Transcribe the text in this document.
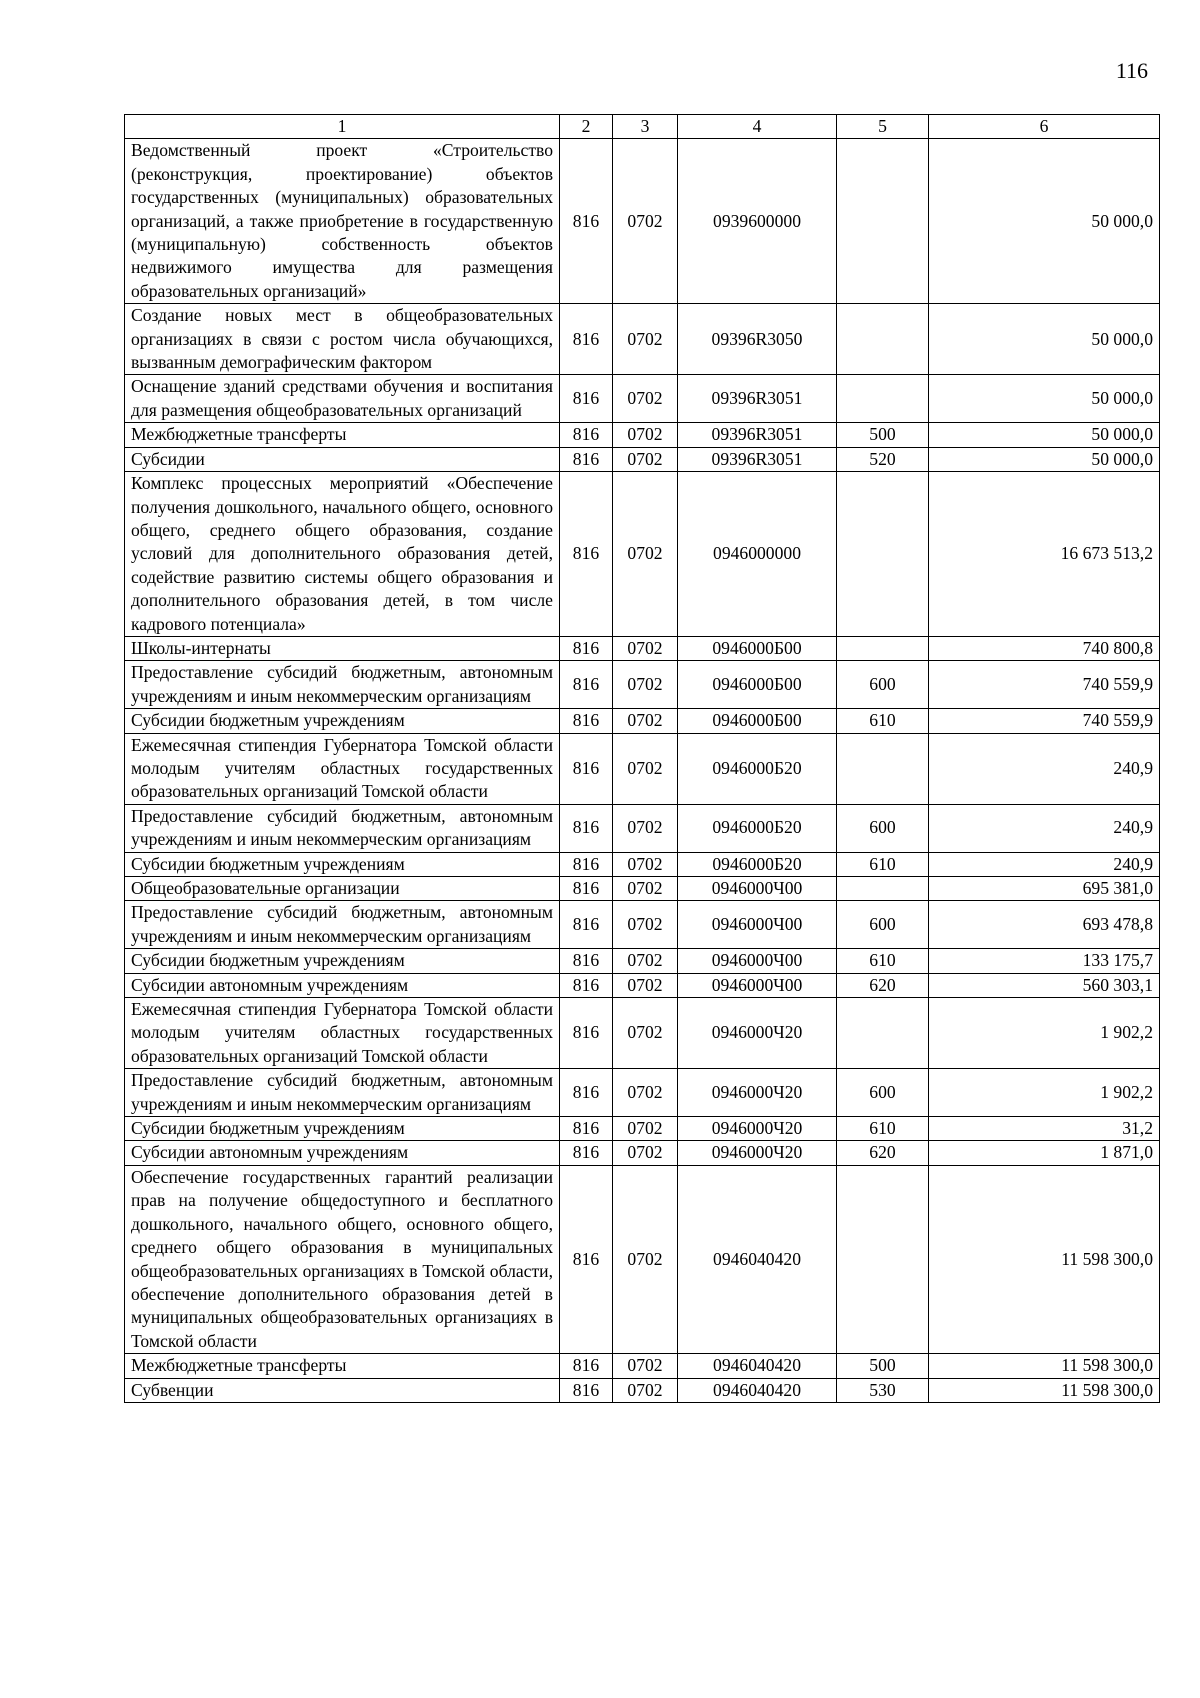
116
1	2	3	4	5	6
Ведомственный проект «Строительство (реконструкция, проектирование) объектов государственных (муниципальных) образовательных организаций, а также приобретение в государственную (муниципальную) собственность объектов недвижимого имущества для размещения образовательных организаций»	816	0702	0939600000		50 000,0
Создание новых мест в общеобразовательных организациях в связи с ростом числа обучающихся, вызванным демографическим фактором	816	0702	09396R3050		50 000,0
Оснащение зданий средствами обучения и воспитания для размещения общеобразовательных организаций	816	0702	09396R3051		50 000,0
Межбюджетные трансферты	816	0702	09396R3051	500	50 000,0
Субсидии	816	0702	09396R3051	520	50 000,0
Комплекс процессных мероприятий «Обеспечение получения дошкольного, начального общего, основного общего, среднего общего образования, создание условий для дополнительного образования детей, содействие развитию системы общего образования и дополнительного образования детей, в том числе кадрового потенциала»	816	0702	0946000000		16 673 513,2
Школы-интернаты	816	0702	0946000Б00		740 800,8
Предоставление субсидий бюджетным, автономным учреждениям и иным некоммерческим организациям	816	0702	0946000Б00	600	740 559,9
Субсидии бюджетным учреждениям	816	0702	0946000Б00	610	740 559,9
Ежемесячная стипендия Губернатора Томской области молодым учителям областных государственных образовательных организаций Томской области	816	0702	0946000Б20		240,9
Предоставление субсидий бюджетным, автономным учреждениям и иным некоммерческим организациям	816	0702	0946000Б20	600	240,9
Субсидии бюджетным учреждениям	816	0702	0946000Б20	610	240,9
Общеобразовательные организации	816	0702	0946000Ч00		695 381,0
Предоставление субсидий бюджетным, автономным учреждениям и иным некоммерческим организациям	816	0702	0946000Ч00	600	693 478,8
Субсидии бюджетным учреждениям	816	0702	0946000Ч00	610	133 175,7
Субсидии автономным учреждениям	816	0702	0946000Ч00	620	560 303,1
Ежемесячная стипендия Губернатора Томской области молодым учителям областных государственных образовательных организаций Томской области	816	0702	0946000Ч20		1 902,2
Предоставление субсидий бюджетным, автономным учреждениям и иным некоммерческим организациям	816	0702	0946000Ч20	600	1 902,2
Субсидии бюджетным учреждениям	816	0702	0946000Ч20	610	31,2
Субсидии автономным учреждениям	816	0702	0946000Ч20	620	1 871,0
Обеспечение государственных гарантий реализации прав на получение общедоступного и бесплатного дошкольного, начального общего, основного общего, среднего общего образования в муниципальных общеобразовательных организациях в Томской области, обеспечение дополнительного образования детей в муниципальных общеобразовательных организациях в Томской области	816	0702	0946040420		11 598 300,0
Межбюджетные трансферты	816	0702	0946040420	500	11 598 300,0
Субвенции	816	0702	0946040420	530	11 598 300,0
